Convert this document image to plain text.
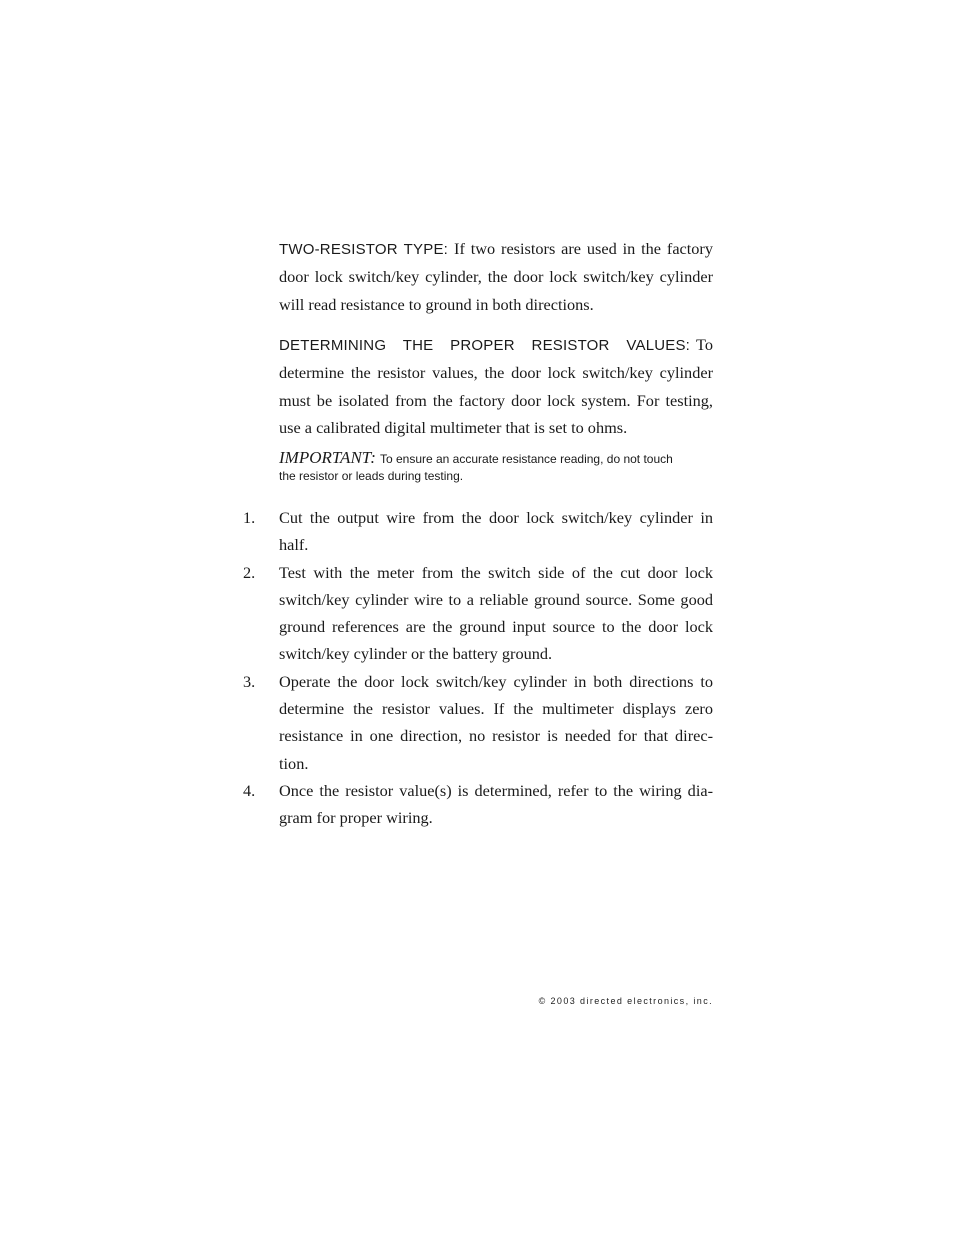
TWO-RESISTOR TYPE: If two resistors are used in the factory door lock switch/key cylinder, the door lock switch/key cylinder will read resistance to ground in both directions.

DETERMINING THE PROPER RESISTOR VALUES: To determine the resistor values, the door lock switch/key cylinder must be isolated from the factory door lock system. For testing, use a calibrated digital multimeter that is set to ohms.

IMPORTANT: To ensure an accurate resistance reading, do not touch
the resistor or leads during testing.
1. Cut the output wire from the door lock switch/key cylinder in half.
2. Test with the meter from the switch side of the cut door lock switch/key cylinder wire to a reliable ground source. Some good ground references are the ground input source to the door lock switch/key cylinder or the battery ground.
3. Operate the door lock switch/key cylinder in both directions to determine the resistor values. If the multimeter displays zero resistance in one direction, no resistor is needed for that direc-tion.
4. Once the resistor value(s) is determined, refer to the wiring dia-gram for proper wiring.
© 2003 directed electronics, inc.
